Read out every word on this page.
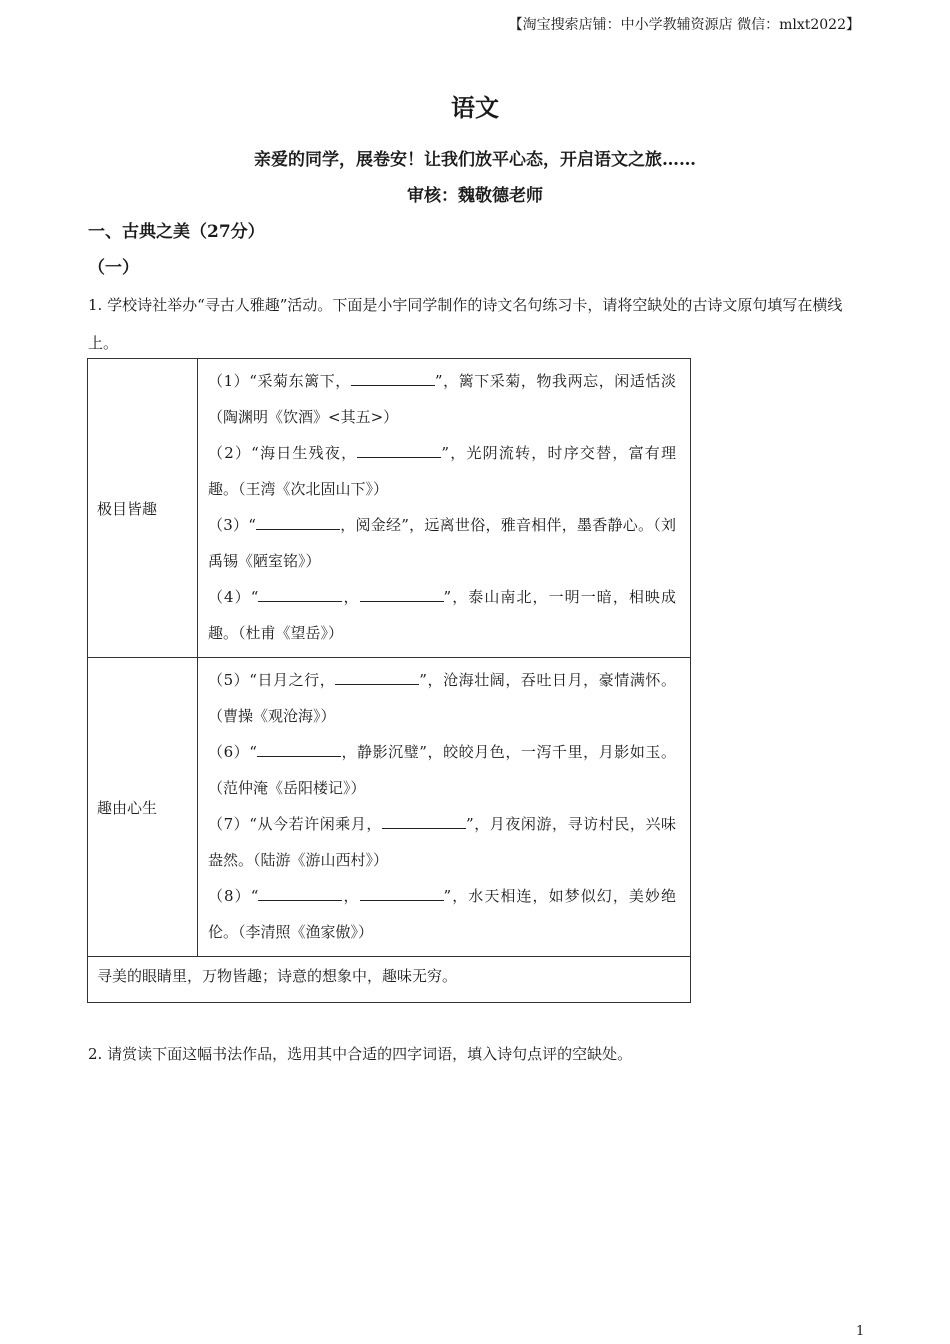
【淘宝搜索店铺：中小学教辅资源店 微信：mlxt2022】
语文
亲爱的同学，展卷安！让我们放平心态，开启语文之旅……
审核：魏敬德老师
一、古典之美（27分）
（一）
1. 学校诗社举办“寻古人雅趣”活动。下面是小宇同学制作的诗文名句练习卡，请将空缺处的古诗文原句填写在横线上。
极目皆趣	（1）“采菊东篱下， ”，篱下采菊，物我两忘，闲适恬淡　（陶渊明《饮酒》<其五>）
（2）“海日生残夜， ”，光阴流转，时序交替，富有理趣。（王湾《次北固山下》）
（3）“ ，阅金经”，远离世俗，雅音相伴，墨香静心。（刘禹锡《陋室铭》）
（4）“ ， ”，泰山南北，一明一暗，相映成趣。（杜甫《望岳》）

趣由心生	（5）“日月之行， ”，沧海壮阔，吞吐日月，豪情满怀。（曹操《观沧海》）
（6）“ ，静影沉璧”，皎皎月色，一泻千里，月影如玉。（范仲淹《岳阳楼记》）
（7）“从今若许闲乘月， ”，月夜闲游，寻访村民，兴味盎然。（陆游《游山西村》）
（8）“ ， ”，水天相连，如梦似幻，美妙绝伦。（李清照《渔家傲》）

寻美的眼睛里，万物皆趣；诗意的想象中，趣味无穷。	
2. 请赏读下面这幅书法作品，选用其中合适的四字词语，填入诗句点评的空缺处。
1
